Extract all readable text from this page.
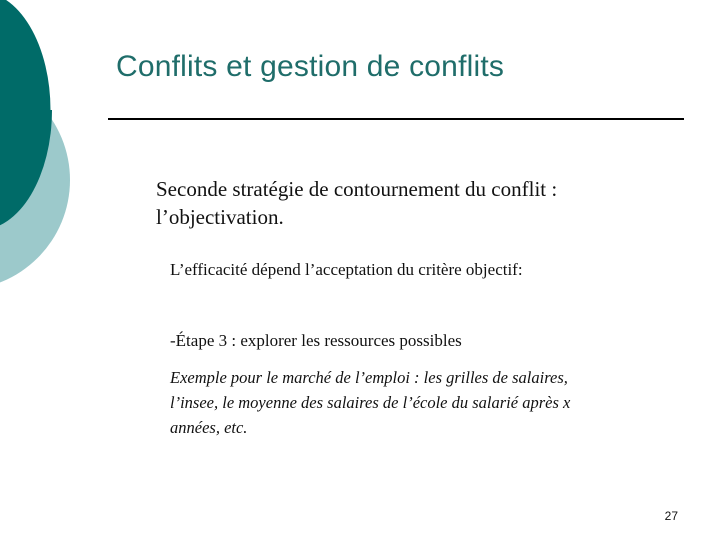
Conflits et gestion de conflits
Seconde stratégie de contournement du conflit :
l’objectivation.
L’efficacité dépend l’acceptation du critère objectif:
-Étape 3 : explorer les ressources possibles
Exemple pour le marché de l’emploi : les grilles de salaires,
l’insee, le moyenne des salaires de l’école du salarié après x
années, etc.
27
